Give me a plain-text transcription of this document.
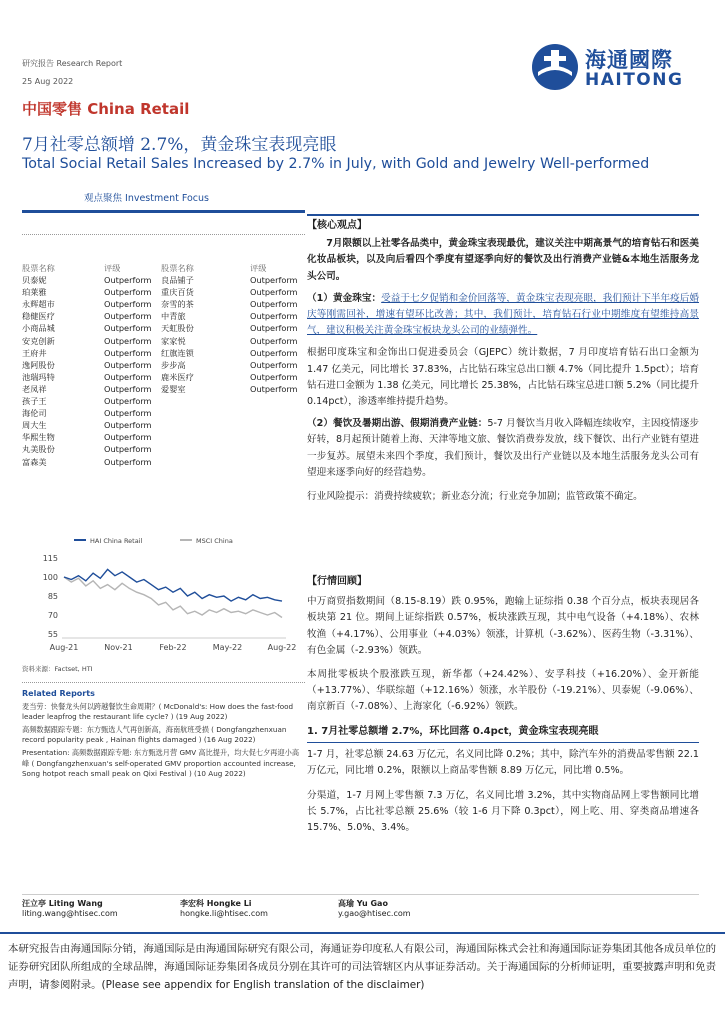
研究报告 Research Report
25 Aug 2022
中国零售 China Retail
7月社零总额增 2.7%，黄金珠宝表现亮眼
Total Social Retail Sales Increased by 2.7% in July, with Gold and Jewelry Well-performed
观点聚焦 Investment Focus
海通國際
HAITONG
股票名称	评级	股票名称	评级
贝泰妮	Outperform 良品铺子	Outperform
珀莱雅	Outperform 重庆百货	Outperform
永辉超市	Outperform 奈雪的茶	Outperform
稳健医疗	Outperform 中青旅	Outperform
小商品城	Outperform 天虹股份	Outperform
安克创新	Outperform 家家悦	Outperform
王府井	Outperform 红旗连锁	Outperform
逸阿股份	Outperform 步步高	Outperform
池瑞玛特	Outperform 鹿米医疗	Outperform
老凤祥	Outperform 爱婴室	Outperform
孩子王	Outperform
海伦司	Outperform
周大生	Outperform
华熙生物	Outperform
丸美股份	Outperform
富森美	Outperform
HAI China Retail	MSCI China
115
100
85
70
55
Aug-21	Nov-21	Feb-22	May-22	Aug-22
资料来源：Factset, HTI
Related Reports
麦当劳：快餐龙头何以跨越餐饮生命周期？( McDonald's: How does the fast-food leader leapfrog the restaurant life cycle? ) (19 Aug 2022)
高频数据跟踪专题：东方甄选人气再创新高，海南航班受损 ( Dongfangzhenxuan record popularity peak , Hainan flights damaged ) (16 Aug 2022)
Presentation: 高频数据跟踪专题: 东方甄选月营 GMV 高比提升，均大促七夕再迎小高峰 ( Dongfangzhenxuan's self-operated GMV proportion accounted increase, Song hotpot reach small peak on Qixi Festival ) (10 Aug 2022)
【核心观点】

7月限额以上社零各品类中，黄金珠宝表现最优，建议关注中期高景气的培育钻石和医美化妆品板块，以及向后看四个季度有望逐季向好的餐饮及出行消费产业链&本地生活服务龙头公司。

（1）黄金珠宝：受益于七夕促销和金价回落等，黄金珠宝表现亮眼，我们预计下半年疫后婚庆等刚需回补，增速有望环比改善；其中，我们预计，培育钻石行业中期维度有望维持高景气，建议积极关注黄金珠宝板块龙头公司的业绩弹性。

根据印度珠宝和金饰出口促进委员会（GJEPC）统计数据，7 月印度培育钻石出口金额为 1.47 亿美元，同比增长 37.83%，占比钻石珠宝总出口额 4.7%（同比提升 1.5pct）；培育钻石进口金额为 1.38 亿美元，同比增长 25.38%，占比钻石珠宝总进口额 5.2%（同比提升 0.14pct），渗透率维持提升趋势。

（2）餐饮及暑期出游、假期消费产业链：5-7 月餐饮当月收入降幅连续收窄，主因疫情逐步好转，8月起预计随着上海、天津等地文旅、餐饮消费券发放，线下餐饮、出行产业链有望进一步复苏。展望未来四个季度，我们预计，餐饮及出行产业链以及本地生活服务龙头公司有望迎来逐季向好的经营趋势。

行业风险提示：消费持续疲软；新业态分流；行业竞争加剧；监管政策不确定。

【行情回顾】

中万商贸指数期间（8.15-8.19）跌 0.95%，跑输上证综指 0.38 个百分点，板块表现居各板块第 21 位。期间上证综指跌 0.57%，板块涨跌互现，其中电气设备（+4.18%）、农林牧渔（+4.17%）、公用事业（+4.03%）领涨，计算机（-3.62%）、医药生物（-3.31%）、有色金属（-2.93%）领跌。

本周批零板块个股涨跌互现，新华都（+24.42%）、安孚科技（+16.20%）、金开新能（+13.77%）、华联综超（+12.16%）领涨，水羊股份（-19.21%）、贝泰妮（-9.06%）、南京新百（-7.08%）、上海家化（-6.92%）领跌。

1. 7月社零总额增 2.7%，环比回落 0.4pct，黄金珠宝表现亮眼

1-7 月，社零总额 24.63 万亿元，名义同比降 0.2%；其中，除汽车外的消费品零售额 22.1 万亿元，同比增 0.2%，限额以上商品零售额 8.89 万亿元，同比增 0.5%。

分渠道，1-7 月网上零售额 7.3 万亿，名义同比增 3.2%，其中实物商品网上零售额同比增长 5.7%，占比社零总额 25.6%（较 1-6 月下降 0.3pct），网上吃、用、穿类商品增速各 15.7%、5.0%、3.4%。

汪立亭 Liting Wang
liting.wang@htisec.com
李宏科 Hongke Li
hongke.li@htisec.com
高瑜 Yu Gao
y.gao@htisec.com
本研究报告由海通国际分销，海通国际是由海通国际研究有限公司，海通证券印度私人有限公司，海通国际株式会社和海通国际证券集团其他各成员单位的证券研究团队所组成的全球品牌，海通国际证券集团各成员分别在其许可的司法管辖区内从事证券活动。关于海通国际的分析师证明，重要披露声明和免责声明，请参阅附录。(Please see appendix for English translation of the disclaimer)
